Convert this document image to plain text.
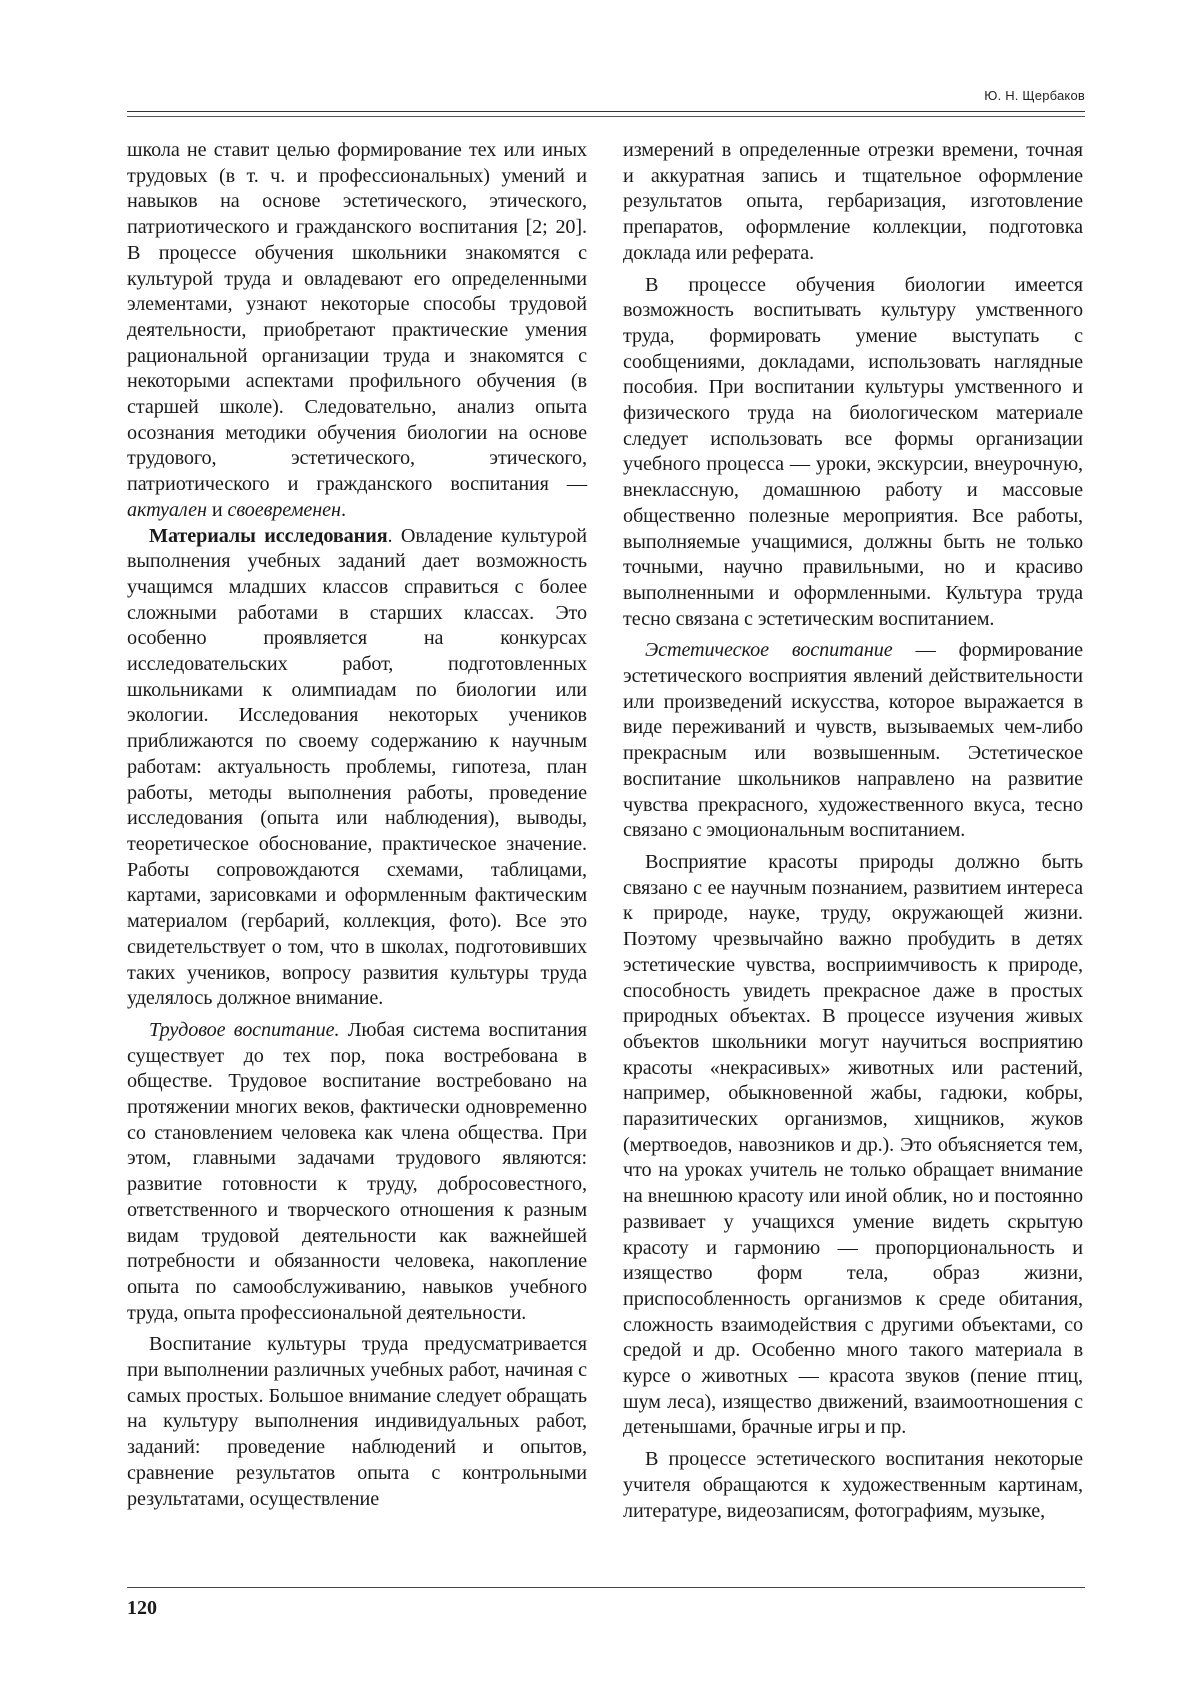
Ю. Н. Щербаков

школа не ставит целью формирование тех или иных трудовых (в т. ч. и профессиональных) умений и навыков на основе эстетического, этического, патриотического и гражданского воспитания [2; 20]. В процессе обучения школьники знакомятся с культурой труда и овладевают его определенными элементами, узнают некоторые способы трудовой деятельности, приобретают практические умения рациональной организации труда и знакомятся с некоторыми аспектами профильного обучения (в старшей школе). Следовательно, анализ опыта осознания методики обучения биологии на основе трудового, эстетического, этического, патриотического и гражданского воспитания — актуален и своевременен.

Материалы исследования. Овладение культурой выполнения учебных заданий дает возможность учащимся младших классов справиться с более сложными работами в старших классах. Это особенно проявляется на конкурсах исследовательских работ, подготовленных школьниками к олимпиадам по биологии или экологии. Исследования некоторых учеников приближаются по своему содержанию к научным работам: актуальность проблемы, гипотеза, план работы, методы выполнения работы, проведение исследования (опыта или наблюдения), выводы, теоретическое обоснование, практическое значение. Работы сопровождаются схемами, таблицами, картами, зарисовками и оформленным фактическим материалом (гербарий, коллекция, фото). Все это свидетельствует о том, что в школах, подготовивших таких учеников, вопросу развития культуры труда уделялось должное внимание.

Трудовое воспитание. Любая система воспитания существует до тех пор, пока востребована в обществе. Трудовое воспитание востребовано на протяжении многих веков, фактически одновременно со становлением человека как члена общества. При этом, главными задачами трудового являются: развитие готовности к труду, добросовестного, ответственного и творческого отношения к разным видам трудовой деятельности как важнейшей потребности и обязанности человека, накопление опыта по самообслуживанию, навыков учебного труда, опыта профессиональной деятельности.

Воспитание культуры труда предусматривается при выполнении различных учебных работ, начиная с самых простых. Большое внимание следует обращать на культуру выполнения индивидуальных работ, заданий: проведение наблюдений и опытов, сравнение результатов опыта с контрольными результатами, осуществление

измерений в определенные отрезки времени, точная и аккуратная запись и тщательное оформление результатов опыта, гербаризация, изготовление препаратов, оформление коллекции, подготовка доклада или реферата.

В процессе обучения биологии имеется возможность воспитывать культуру умственного труда, формировать умение выступать с сообщениями, докладами, использовать наглядные пособия. При воспитании культуры умственного и физического труда на биологическом материале следует использовать все формы организации учебного процесса — уроки, экскурсии, внеурочную, внеклассную, домашнюю работу и массовые общественно полезные мероприятия. Все работы, выполняемые учащимися, должны быть не только точными, научно правильными, но и красиво выполненными и оформленными. Культура труда тесно связана с эстетическим воспитанием.

Эстетическое воспитание — формирование эстетического восприятия явлений действительности или произведений искусства, которое выражается в виде переживаний и чувств, вызываемых чем-либо прекрасным или возвышенным. Эстетическое воспитание школьников направлено на развитие чувства прекрасного, художественного вкуса, тесно связано с эмоциональным воспитанием.

Восприятие красоты природы должно быть связано с ее научным познанием, развитием интереса к природе, науке, труду, окружающей жизни. Поэтому чрезвычайно важно пробудить в детях эстетические чувства, восприимчивость к природе, способность увидеть прекрасное даже в простых природных объектах. В процессе изучения живых объектов школьники могут научиться восприятию красоты «некрасивых» животных или растений, например, обыкновенной жабы, гадюки, кобры, паразитических организмов, хищников, жуков (мертвоедов, навозников и др.). Это объясняется тем, что на уроках учитель не только обращает внимание на внешнюю красоту или иной облик, но и постоянно развивает у учащихся умение видеть скрытую красоту и гармонию — пропорциональность и изящество форм тела, образ жизни, приспособленность организмов к среде обитания, сложность взаимодействия с другими объектами, со средой и др. Особенно много такого материала в курсе о животных — красота звуков (пение птиц, шум леса), изящество движений, взаимоотношения с детенышами, брачные игры и пр.

В процессе эстетического воспитания некоторые учителя обращаются к художественным картинам, литературе, видеозаписям, фотографиям, музыке,

120
